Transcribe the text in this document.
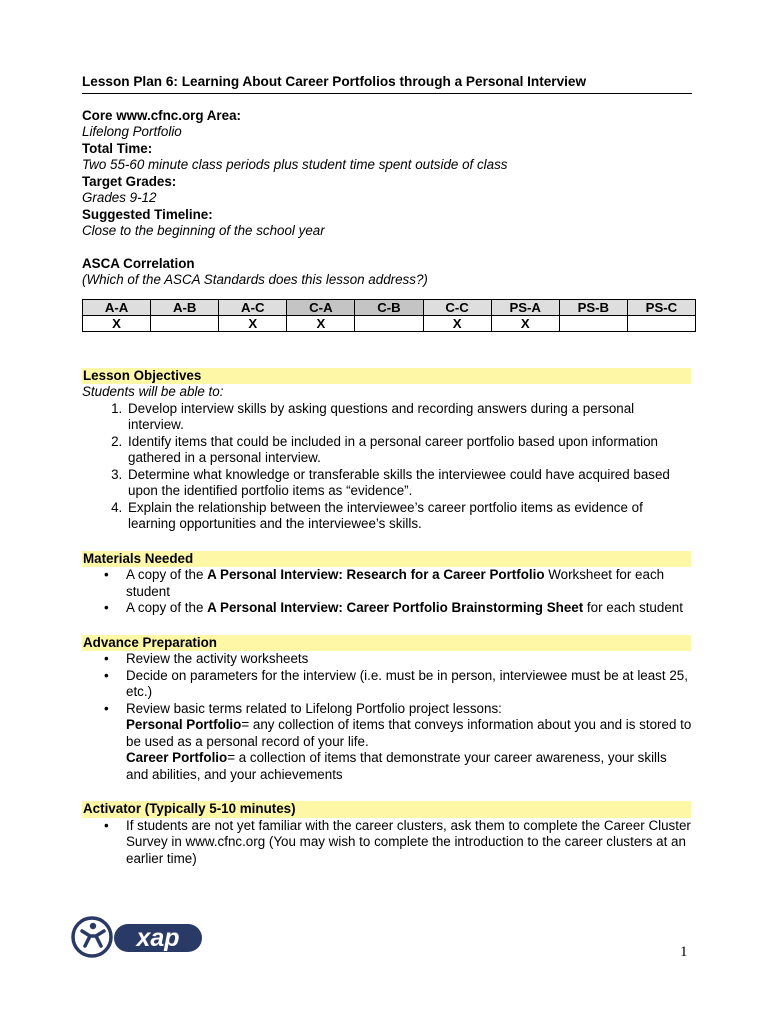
Lesson Plan 6: Learning About Career Portfolios through a Personal Interview
Core www.cfnc.org Area:
Lifelong Portfolio
Total Time:
Two 55-60 minute class periods plus student time spent outside of class
Target Grades:
Grades 9-12
Suggested Timeline:
Close to the beginning of the school year
ASCA Correlation
(Which of the ASCA Standards does this lesson address?)
A-A	A-B	A-C	C-A	C-B	C-C	PS-A	PS-B	PS-C
X		X	X		X	X		
Lesson Objectives
Students will be able to:
1. Develop interview skills by asking questions and recording answers during a personal interview.
2. Identify items that could be included in a personal career portfolio based upon information gathered in a personal interview.
3. Determine what knowledge or transferable skills the interviewee could have acquired based upon the identified portfolio items as “evidence”.
4. Explain the relationship between the interviewee’s career portfolio items as evidence of learning opportunities and the interviewee’s skills.
Materials Needed
• A copy of the A Personal Interview: Research for a Career Portfolio Worksheet for each student
• A copy of the A Personal Interview: Career Portfolio Brainstorming Sheet for each student
Advance Preparation
• Review the activity worksheets
• Decide on parameters for the interview (i.e. must be in person, interviewee must be at least 25, etc.)
• Review basic terms related to Lifelong Portfolio project lessons:
Personal Portfolio= any collection of items that conveys information about you and is stored to be used as a personal record of your life.
Career Portfolio= a collection of items that demonstrate your career awareness, your skills and abilities, and your achievements
Activator (Typically 5-10 minutes)
• If students are not yet familiar with the career clusters, ask them to complete the Career Cluster Survey in www.cfnc.org (You may wish to complete the introduction to the career clusters at an earlier time)
xap	1
